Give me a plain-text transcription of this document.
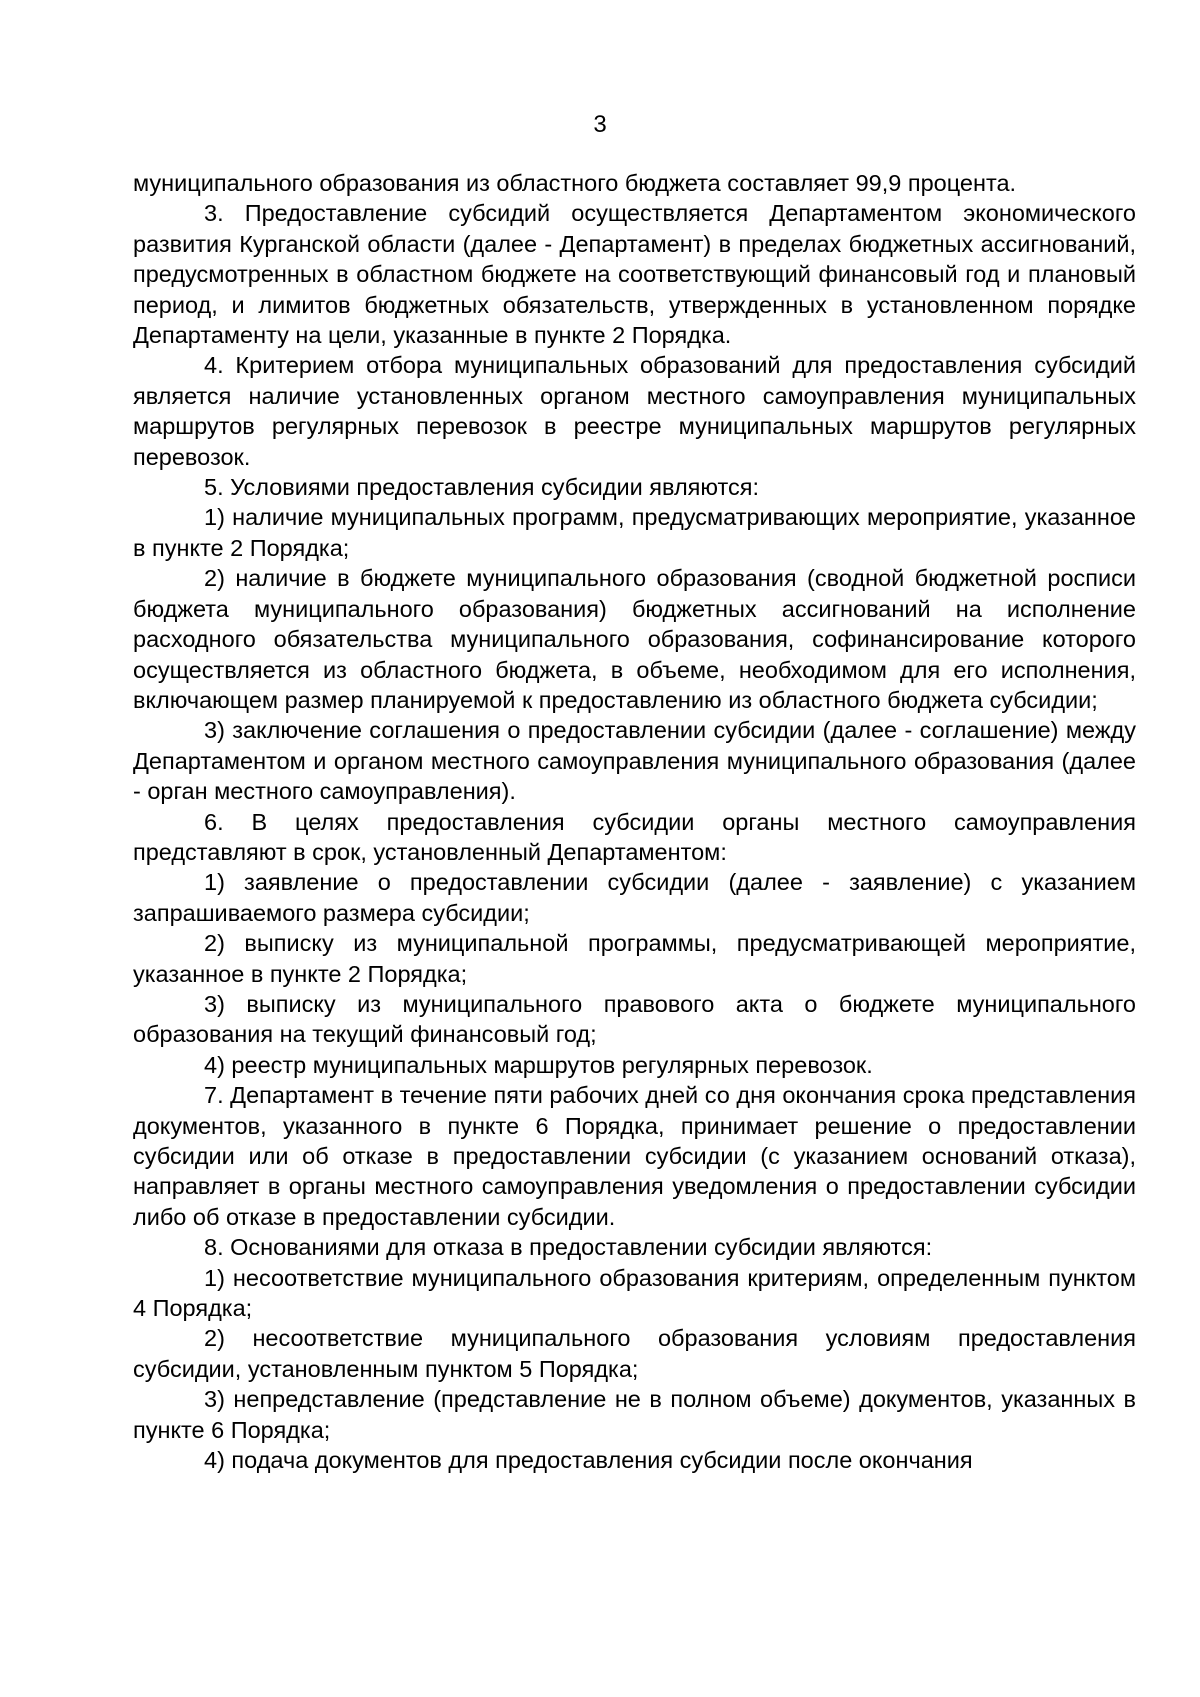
3

муниципального образования из областного бюджета составляет 99,9 процента.

3. Предоставление субсидий осуществляется Департаментом экономического развития Курганской области (далее - Департамент) в пределах бюджетных ассигнований, предусмотренных в областном бюджете на соответствующий финансовый год и плановый период, и лимитов бюджетных обязательств, утвержденных в установленном порядке Департаменту на цели, указанные в пункте 2 Порядка.

4. Критерием отбора муниципальных образований для предоставления субсидий является наличие установленных органом местного самоуправления муниципальных маршрутов регулярных перевозок в реестре муниципальных маршрутов регулярных перевозок.

5. Условиями предоставления субсидии являются:

1) наличие муниципальных программ, предусматривающих мероприятие, указанное в пункте 2 Порядка;

2) наличие в бюджете муниципального образования (сводной бюджетной росписи бюджета муниципального образования) бюджетных ассигнований на исполнение расходного обязательства муниципального образования, софинансирование которого осуществляется из областного бюджета, в объеме, необходимом для его исполнения, включающем размер планируемой к предоставлению из областного бюджета субсидии;

3) заключение соглашения о предоставлении субсидии (далее - соглашение) между Департаментом и органом местного самоуправления муниципального образования (далее - орган местного самоуправления).

6. В целях предоставления субсидии органы местного самоуправления представляют в срок, установленный Департаментом:

1) заявление о предоставлении субсидии (далее - заявление) с указанием запрашиваемого размера субсидии;

2) выписку из муниципальной программы, предусматривающей мероприятие, указанное в пункте 2 Порядка;

3) выписку из муниципального правового акта о бюджете муниципального образования на текущий финансовый год;

4) реестр муниципальных маршрутов регулярных перевозок.

7. Департамент в течение пяти рабочих дней со дня окончания срока представления документов, указанного в пункте 6 Порядка, принимает решение о предоставлении субсидии или об отказе в предоставлении субсидии (с указанием оснований отказа), направляет в органы местного самоуправления уведомления о предоставлении субсидии либо об отказе в предоставлении субсидии.

8. Основаниями для отказа в предоставлении субсидии являются:

1) несоответствие муниципального образования критериям, определенным пунктом 4 Порядка;

2) несоответствие муниципального образования условиям предоставления субсидии, установленным пунктом 5 Порядка;

3) непредставление (представление не в полном объеме) документов, указанных в пункте 6 Порядка;

4) подача документов для предоставления субсидии после окончания
